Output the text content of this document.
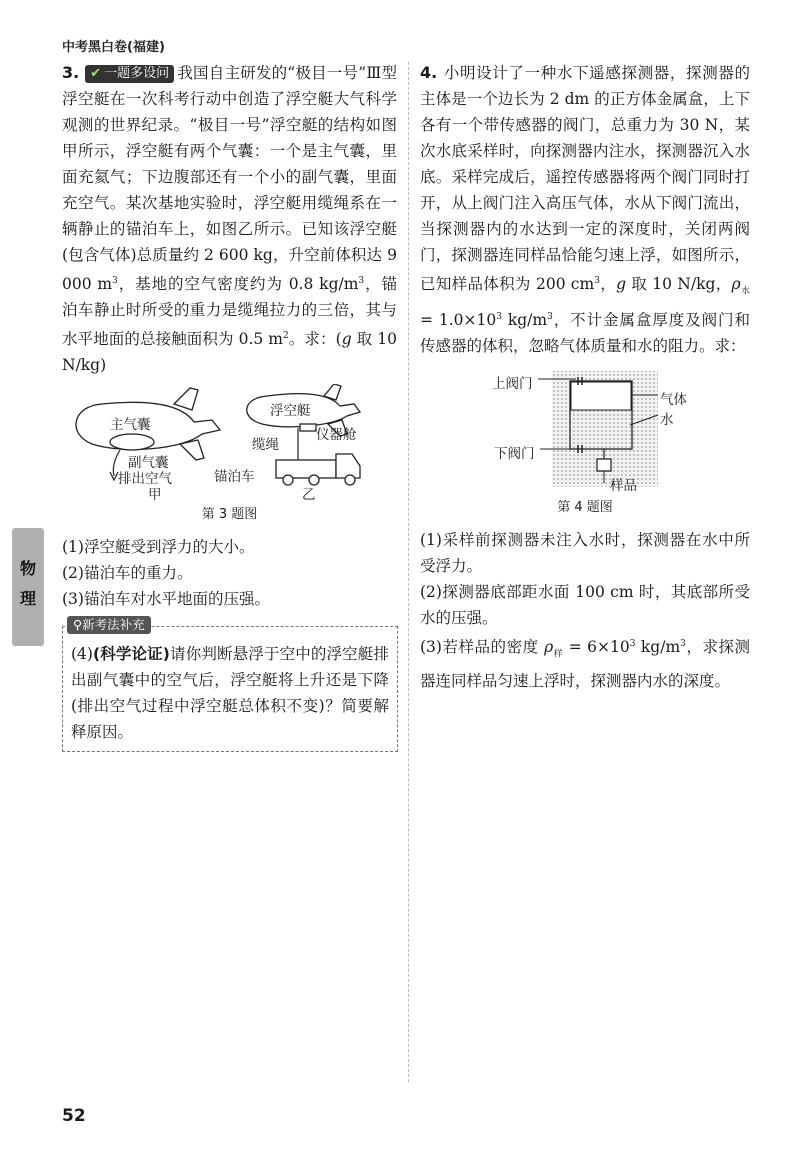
中考黑白卷(福建)
物
理

3. ✔ 一题多设问 我国自主研发的“极目一号”Ⅲ型浮空艇在一次科考行动中创造了浮空艇大气科学观测的世界纪录。“极目一号”浮空艇的结构如图甲所示，浮空艇有两个气囊：一个是主气囊，里面充氦气；下边腹部还有一个小的副气囊，里面充空气。某次基地实验时，浮空艇用缆绳系在一辆静止的锚泊车上，如图乙所示。已知该浮空艇(包含气体)总质量约 2 600 kg，升空前体积达 9 000 $m^3$，基地的空气密度约为 0.8 $kg/m^3$，锚泊车静止时所受的重力是缆绳拉力的三倍，其与水平地面的总接触面积为 0.5 $m^2$。求：(g 取 10 N/kg)

主气囊
副气囊
排出空气
甲
浮空艇
缆绳
仪器舱
锚泊车
乙
第 3 题图

(1)浮空艇受到浮力的大小。

(2)锚泊车的重力。

(3)锚泊车对水平地面的压强。

⚲新考法补充

(4)(科学论证)请你判断悬浮于空中的浮空艇排出副气囊中的空气后，浮空艇将上升还是下降(排出空气过程中浮空艇总体积不变)？简要解释原因。

4. 小明设计了一种水下遥感探测器，探测器的主体是一个边长为 2 dm 的正方体金属盒，上下各有一个带传感器的阀门，总重力为 30 N，某次水底采样时，向探测器内注水，探测器沉入水底。采样完成后，遥控传感器将两个阀门同时打开，从上阀门注入高压气体，水从下阀门流出，当探测器内的水达到一定的深度时，关闭两阀门，探测器连同样品恰能匀速上浮，如图所示，已知样品体积为 200 $cm^3$，g 取 10 N/kg，$\rho_水 = 1.0\times 10^3$ $kg/m^3$，不计金属盒厚度及阀门和传感器的体积，忽略气体质量和水的阻力。求：

上阀门
气体
水
下阀门
样品
第 4 题图

(1)采样前探测器未注入水时，探测器在水中所受浮力。

(2)探测器底部距水面 100 cm 时，其底部所受水的压强。

(3)若样品的密度 $\rho_样 = 6\times 10^3$ $kg/m^3$，求探测器连同样品匀速上浮时，探测器内水的深度。

52
